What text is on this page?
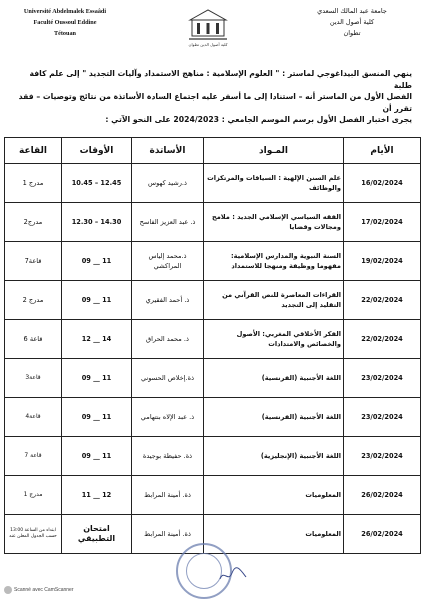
Université Abdelmalek Essaâdi
Faculté Oussoul Eddine
Tétouan
كلية أصول الدين تطوان
جامعة عبد المالك السعدي
كلية أصول الدين
تطوان
ينهي المنسق البيداغوجي لماستر : " العلوم الإسلامية : مناهج الاستمداد وآليات التجديد " إلى علم كافة طلبة
الفصل الأول من الماستر أنه – استنادا إلى ما أسفر عليه اجتماع السادة الأساتذة من نتائج وتوصيات – فقد تقرر أن
يجرى اختبار الفصل الأول برسم الموسم الجامعي : 2024/2023 على النحو الآتي :
الأيام	المـواد	الأساتذة	الأوقات	القاعة
16/02/2024	علم السنن الإلهية : السياقات والمرتكزات والوظائف	ذ.رشيد كهوس	10.45 – 12.45	مدرج 1
17/02/2024	الفقه السياسي الإسلامي الجديد : ملامح ومجالات وقضايا	ذ. عبد العزيز الفاسح	12.30 – 14.30	مدرج2
19/02/2024	السنة النبوية والمدارس الإسلامية: مفهوما ووظيفة ومنهجا للاستمداد	ذ.محمد إلياس المراكشي	09 __ 11	قاعة7
22/02/2024	القراءات المعاصرة للنص القرآني من التقليد إلى التجديد	ذ. أحمد الفقيري	09 __ 11	مدرج 2
22/02/2024	الفكر الأخلاقي المغربي: الأصول والخصائص والامتدادات	ذ. محمد الحراق	12 __ 14	قاعة 6
23/02/2024	اللغة الأجنبية (الفرنسية)	ذة.إخلاص الحسوني	09 __ 11	قاعة3
23/02/2024	اللغة الأجنبية (الفرنسية)	ذ. عبد الإلاه بنتهامي	09 __ 11	قاعة4
23/02/2024	اللغة الأجنبية (الإنجليزية)	ذة. حفيظة بوجيدة	09 __ 11	قاعة 7
26/02/2024	المعلوميات	ذة. أمينة المرابط	11 __ 12	مدرج 1
26/02/2024	المعلوميات	ذة. أمينة المرابط	امتحان التطبيقي	ابتداء من الساعة 13:00 حسب الجدول المعلن عنه
Scanné avec CamScanner
